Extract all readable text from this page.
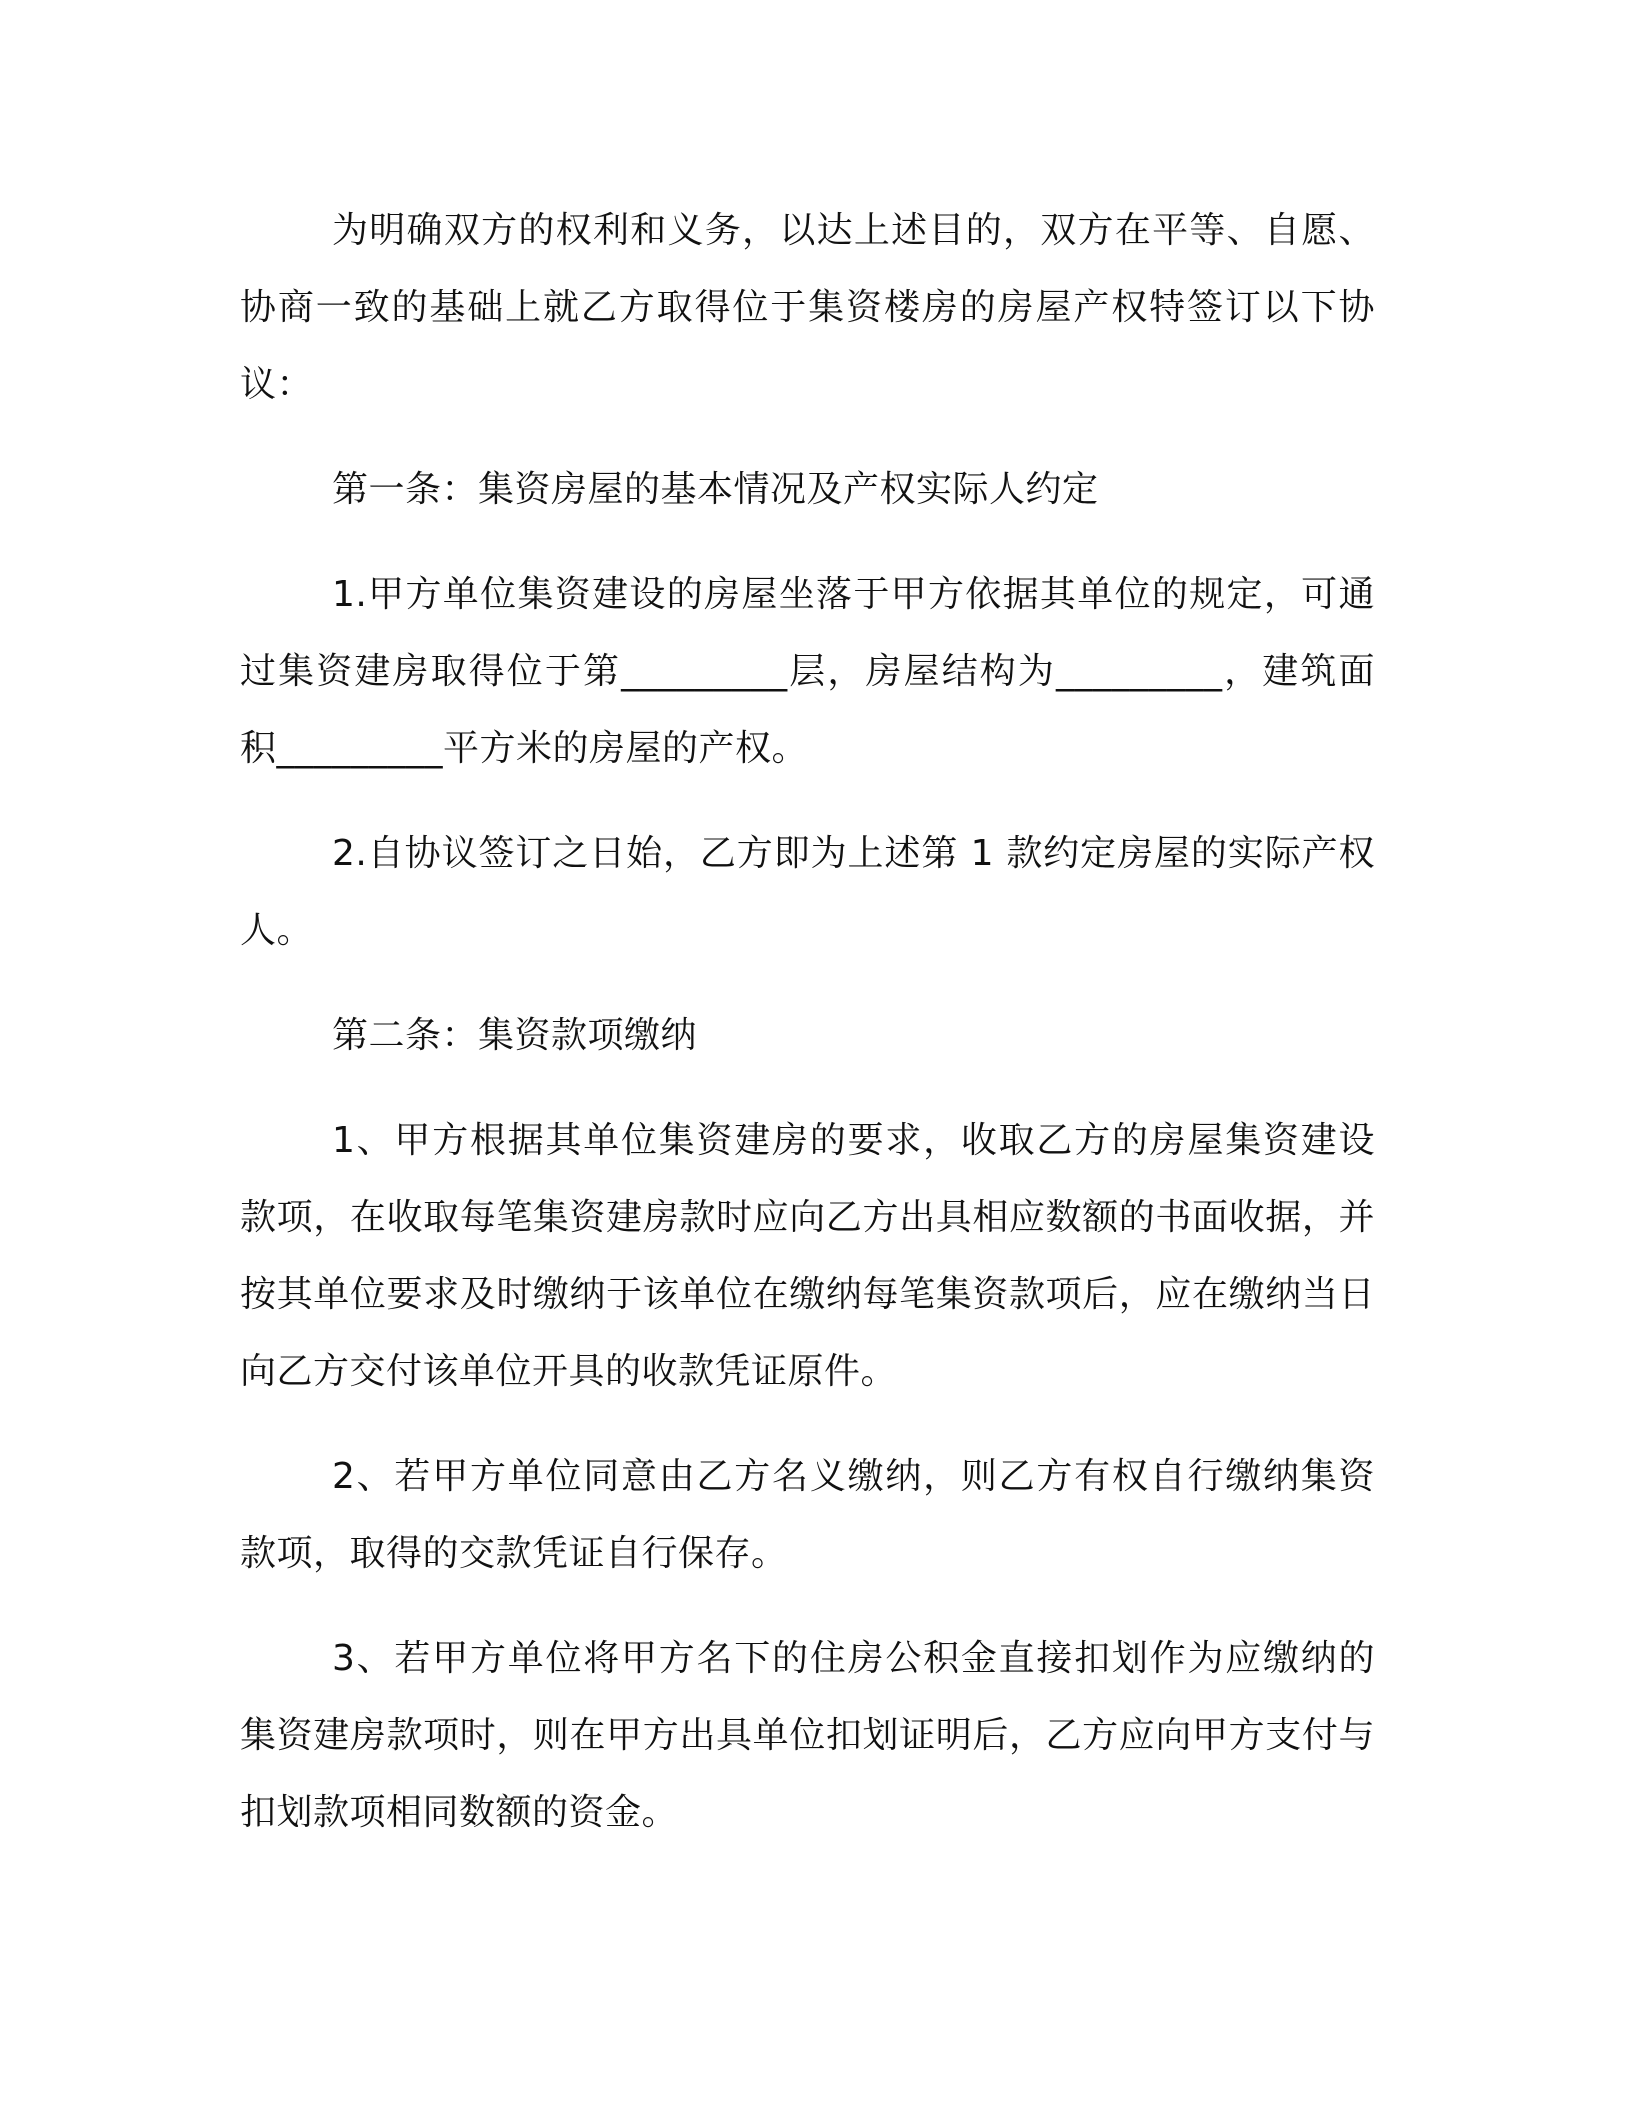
为明确双方的权利和义务，以达上述目的，双方在平等、自愿、协商一致的基础上就乙方取得位于集资楼房的房屋产权特签订以下协议：

第一条：集资房屋的基本情况及产权实际人约定

1.甲方单位集资建设的房屋坐落于甲方依据其单位的规定，可通过集资建房取得位于第_________层，房屋结构为_________，建筑面积_________平方米的房屋的产权。

2.自协议签订之日始，乙方即为上述第 1 款约定房屋的实际产权人。

第二条：集资款项缴纳

1、甲方根据其单位集资建房的要求，收取乙方的房屋集资建设款项，在收取每笔集资建房款时应向乙方出具相应数额的书面收据，并按其单位要求及时缴纳于该单位在缴纳每笔集资款项后，应在缴纳当日向乙方交付该单位开具的收款凭证原件。

2、若甲方单位同意由乙方名义缴纳，则乙方有权自行缴纳集资款项，取得的交款凭证自行保存。

3、若甲方单位将甲方名下的住房公积金直接扣划作为应缴纳的集资建房款项时，则在甲方出具单位扣划证明后，乙方应向甲方支付与扣划款项相同数额的资金。
